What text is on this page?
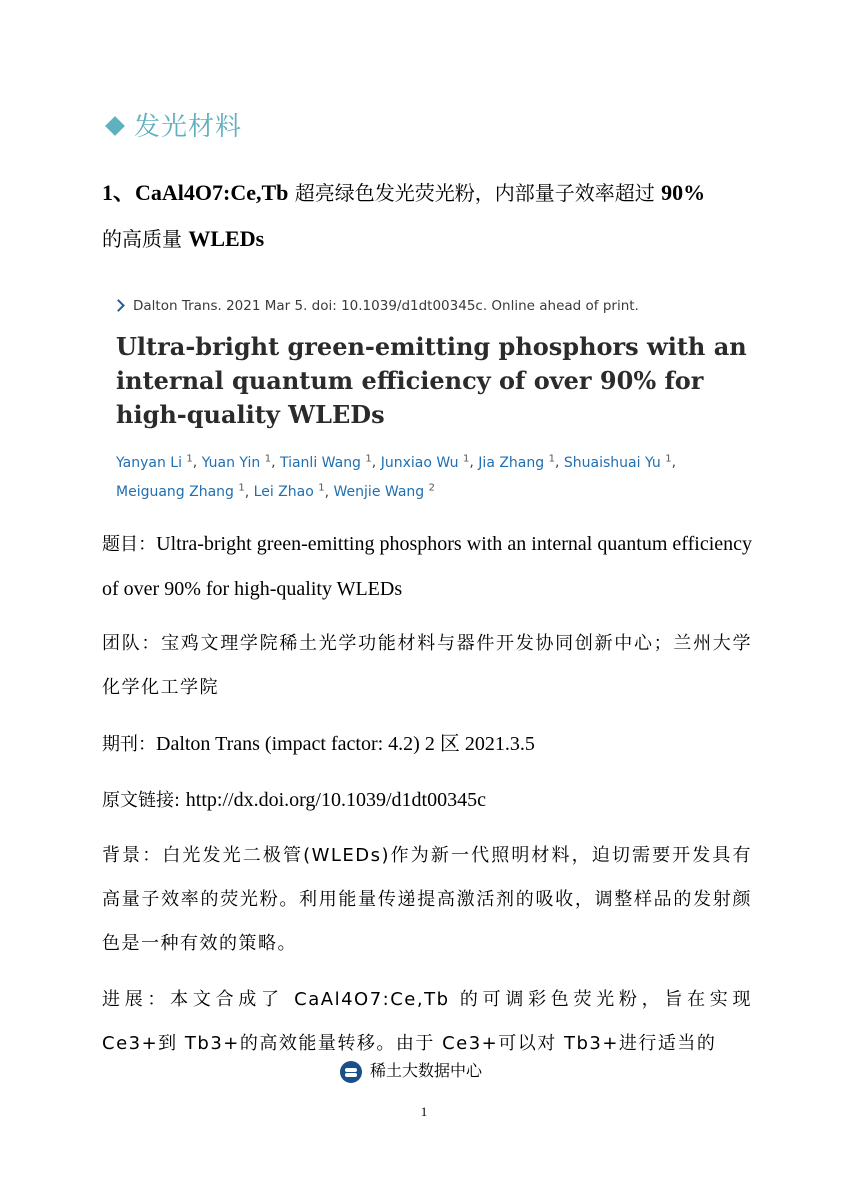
发光材料
1、CaAl4O7:Ce,Tb 超亮绿色发光荧光粉，内部量子效率超过 90%
的高质量 WLEDs
Dalton Trans. 2021 Mar 5. doi: 10.1039/d1dt00345c. Online ahead of print.
Ultra-bright green-emitting phosphors with an internal quantum efficiency of over 90% for high-quality WLEDs
Yanyan Li $^1$, Yuan Yin $^1$, Tianli Wang $^1$, Junxiao Wu $^1$, Jia Zhang $^1$, Shuaishuai Yu $^1$,
Meiguang Zhang $^1$, Lei Zhao $^1$, Wenjie Wang $^2$
题目：Ultra-bright green-emitting phosphors with an internal quantum efficiency of over 90% for high-quality WLEDs
团队：宝鸡文理学院稀土光学功能材料与器件开发协同创新中心；兰州大学化学化工学院
期刊：Dalton Trans (impact factor: 4.2) 2 区 2021.3.5
原文链接: http://dx.doi.org/10.1039/d1dt00345c
背景：白光发光二极管(WLEDs)作为新一代照明材料，迫切需要开发具有高量子效率的荧光粉。利用能量传递提高激活剂的吸收，调整样品的发射颜色是一种有效的策略。
进展：本文合成了 CaAl4O7:Ce,Tb 的可调彩色荧光粉，旨在实现 Ce3+到 Tb3+的高效能量转移。由于 Ce3+可以对 Tb3+进行适当的
稀土大数据中心
1
